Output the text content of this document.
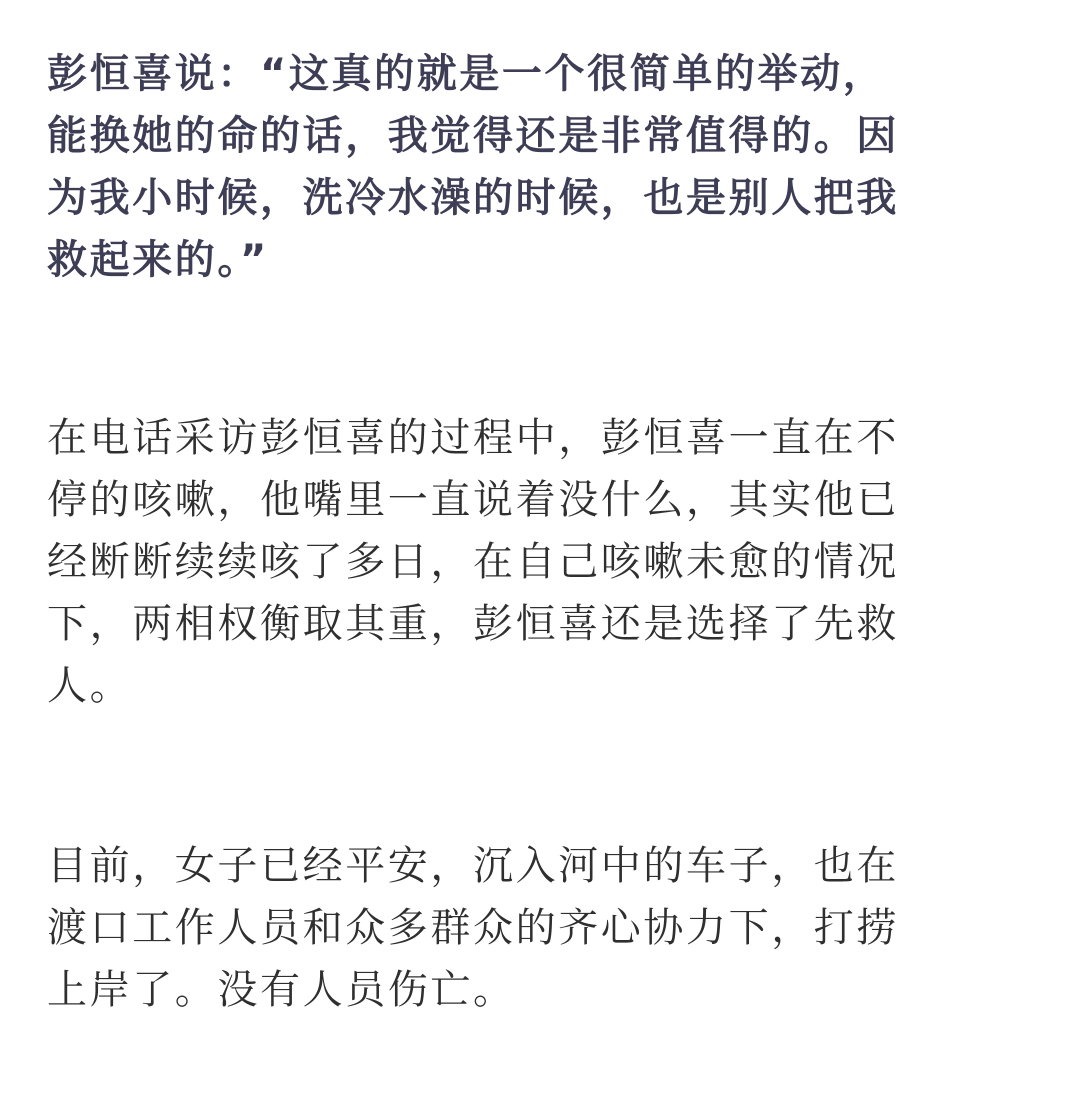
彭恒喜说：“这真的就是一个很简单的举动，
能换她的命的话，我觉得还是非常值得的。因
为我小时候，洗冷水澡的时候，也是别人把我
救起来的。”

在电话采访彭恒喜的过程中，彭恒喜一直在不
停的咳嗽，他嘴里一直说着没什么，其实他已
经断断续续咳了多日，在自己咳嗽未愈的情况
下，两相权衡取其重，彭恒喜还是选择了先救
人。

目前，女子已经平安，沉入河中的车子，也在
渡口工作人员和众多群众的齐心协力下，打捞
上岸了。没有人员伤亡。
